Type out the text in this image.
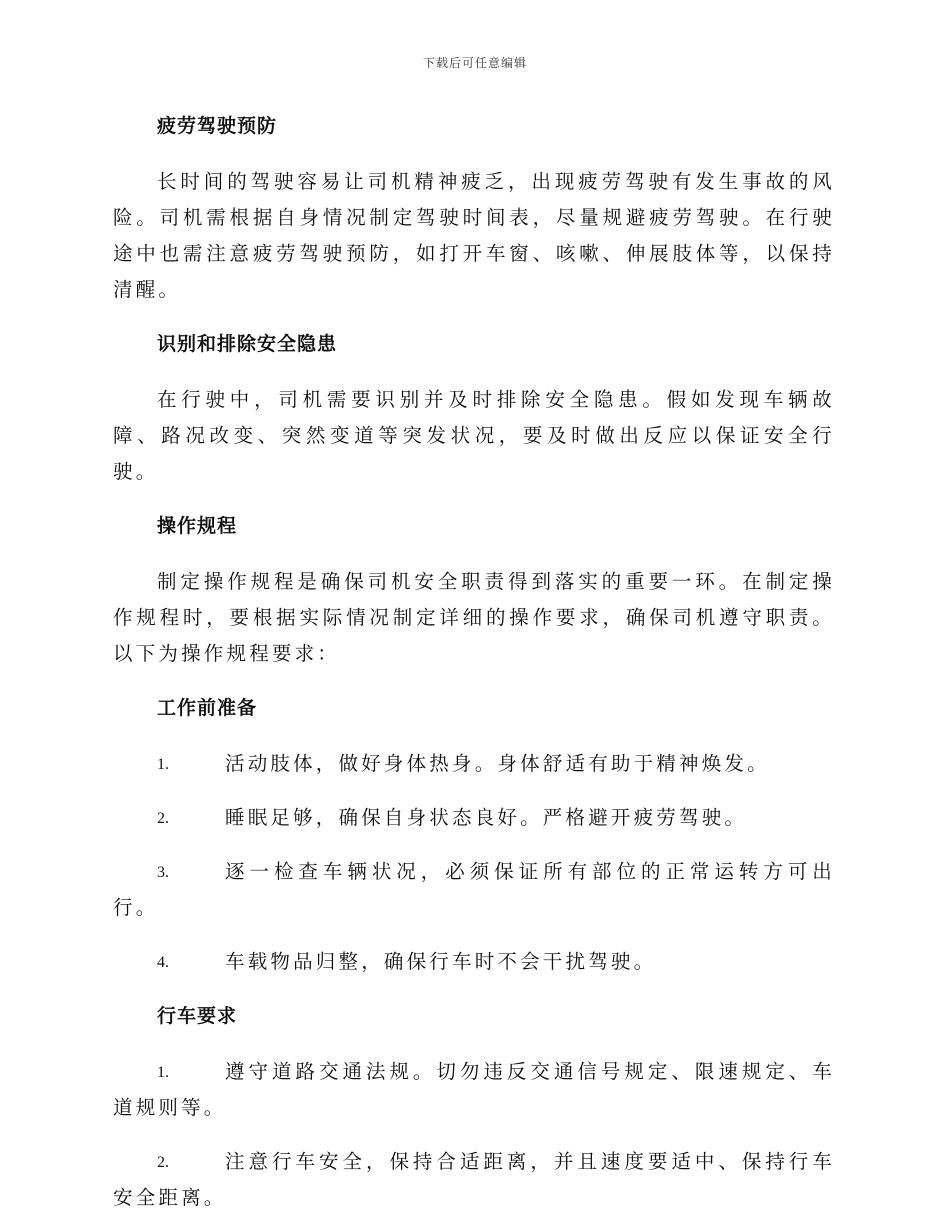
下载后可任意编辑
疲劳驾驶预防

长时间的驾驶容易让司机精神疲乏，出现疲劳驾驶有发生事故的风险。司机需根据自身情况制定驾驶时间表，尽量规避疲劳驾驶。在行驶途中也需注意疲劳驾驶预防，如打开车窗、咳嗽、伸展肢体等，以保持清醒。

识别和排除安全隐患

在行驶中，司机需要识别并及时排除安全隐患。假如发现车辆故障、路况改变、突然变道等突发状况，要及时做出反应以保证安全行驶。

操作规程

制定操作规程是确保司机安全职责得到落实的重要一环。在制定操作规程时，要根据实际情况制定详细的操作要求，确保司机遵守职责。以下为操作规程要求：

工作前准备
1.	活动肢体，做好身体热身。身体舒适有助于精神焕发。
2.	睡眠足够，确保自身状态良好。严格避开疲劳驾驶。
3.	逐一检查车辆状况，必须保证所有部位的正常运转方可出行。
4.	车载物品归整，确保行车时不会干扰驾驶。
行车要求
1.	遵守道路交通法规。切勿违反交通信号规定、限速规定、车道规则等。
2.	注意行车安全，保持合适距离，并且速度要适中、保持行车安全距离。
